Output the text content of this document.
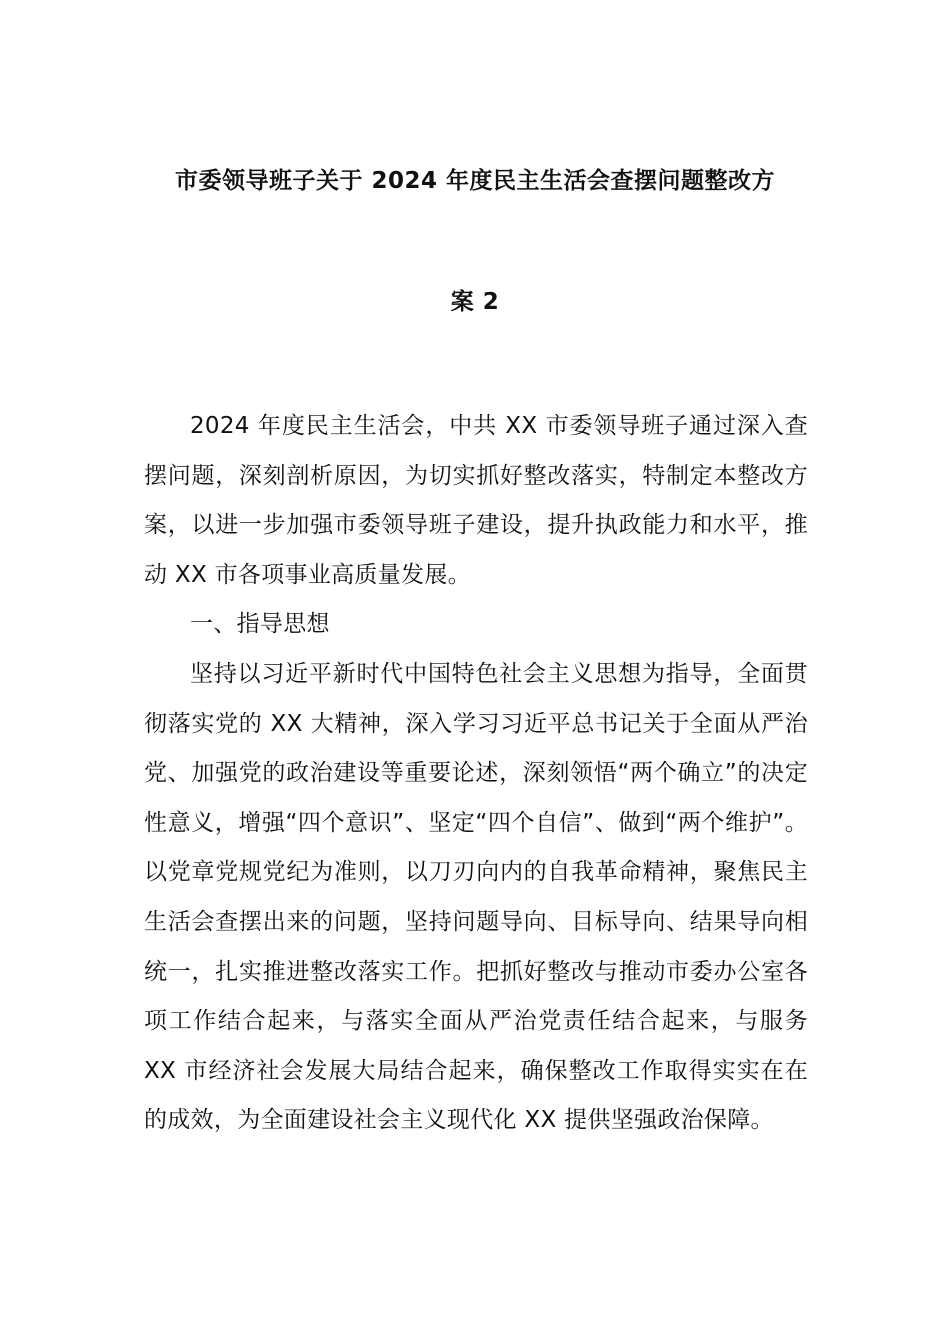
市委领导班子关于 2024 年度民主生活会查摆问题整改方
案 2

2024 年度民主生活会，中共 XX 市委领导班子通过深入查摆问题，深刻剖析原因，为切实抓好整改落实，特制定本整改方案，以进一步加强市委领导班子建设，提升执政能力和水平，推动 XX 市各项事业高质量发展。

一、指导思想

坚持以习近平新时代中国特色社会主义思想为指导，全面贯彻落实党的 XX 大精神，深入学习习近平总书记关于全面从严治党、加强党的政治建设等重要论述，深刻领悟“两个确立”的决定性意义，增强“四个意识”、坚定“四个自信”、做到“两个维护”。以党章党规党纪为准则，以刀刃向内的自我革命精神，聚焦民主生活会查摆出来的问题，坚持问题导向、目标导向、结果导向相统一，扎实推进整改落实工作。把抓好整改与推动市委办公室各项工作结合起来，与落实全面从严治党责任结合起来，与服务 XX 市经济社会发展大局结合起来，确保整改工作取得实实在在的成效，为全面建设社会主义现代化 XX 提供坚强政治保障。
